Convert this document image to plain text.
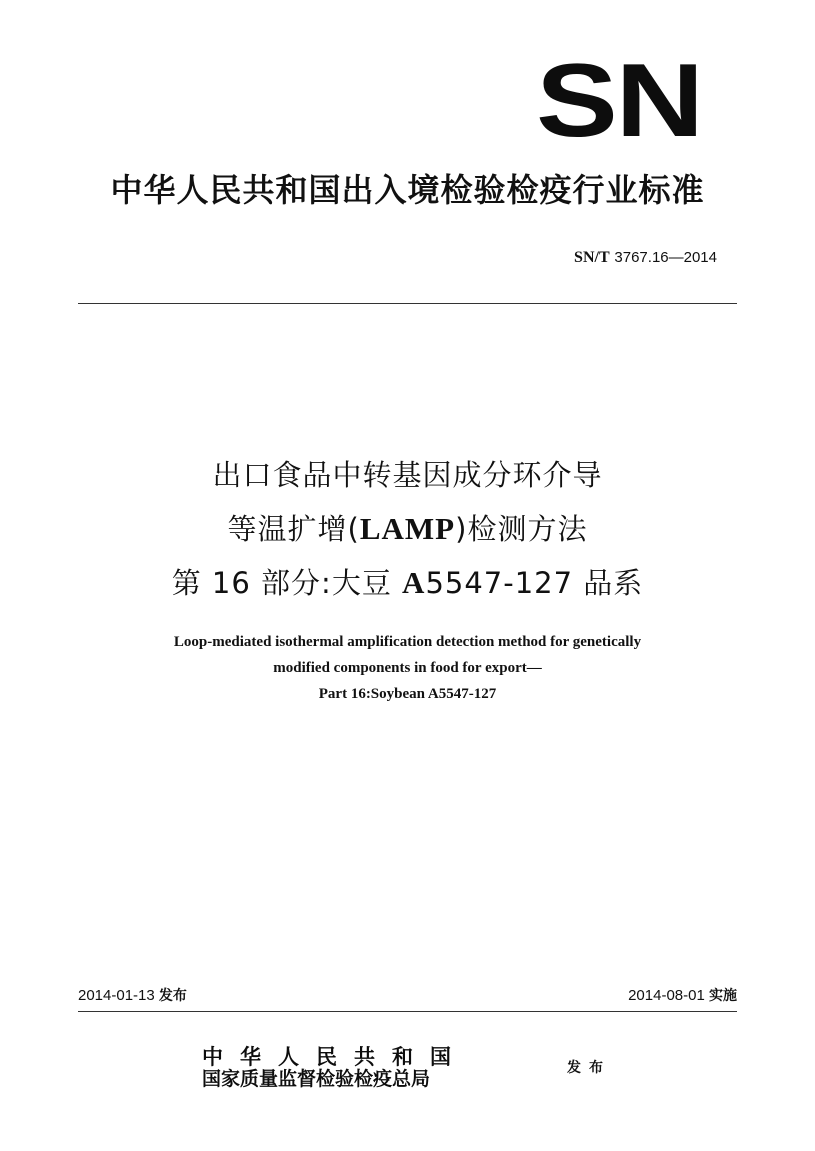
SN
中华人民共和国出入境检验检疫行业标准
SN/T 3767.16—2014
出口食品中转基因成分环介导
等温扩增(LAMP)检测方法
第 16 部分:大豆 A5547-127 品系
Loop-mediated isothermal amplification detection method for genetically
modified components in food for export—
Part 16:Soybean A5547-127
2014-01-13 发布	2014-08-01 实施
中华人民共和国
国家质量监督检验检疫总局	发布
